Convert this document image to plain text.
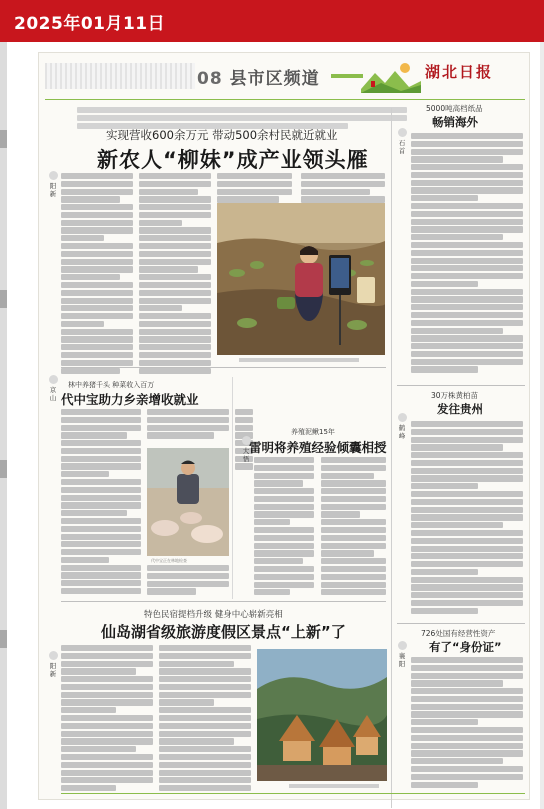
2025年01月11日
08 县市区频道	湖北日报

实现营收600余万元 带动500余村民就近就业
新农人“柳妹”成产业领头雁
阳新
京山
林中养猪千头 种菜收入百万
代中宝助力乡亲增收就业
代中宝正在林地检查
大悟
养殖泥鳅15年
雷明将养殖经验倾囊相授
特色民宿提档升级 健身中心崭新亮相
仙岛湖省级旅游度假区景点“上新”了
阳新
5000吨高档纸品
畅销海外
石首
30万株黄柏苗
发往贵州
鹤峰
726处国有经营性资产
有了“身份证”
襄阳
